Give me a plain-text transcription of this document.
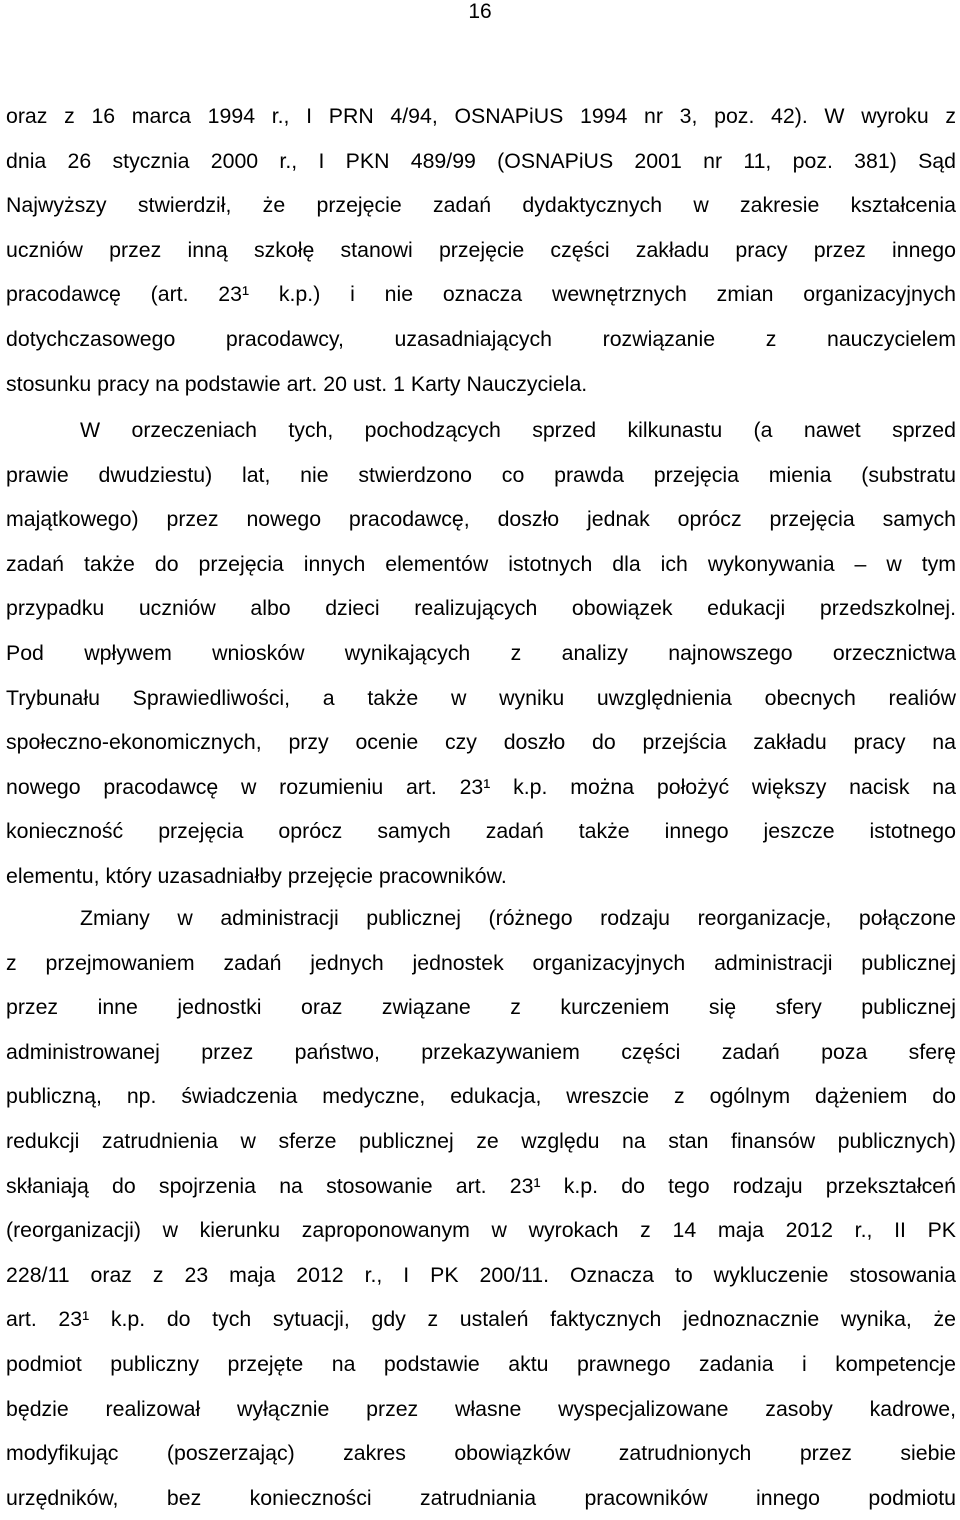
16
oraz z 16 marca 1994 r., I PRN 4/94, OSNAPiUS 1994 nr 3, poz. 42). W wyroku z
dnia 26 stycznia 2000 r., I PKN 489/99 (OSNAPiUS 2001 nr 11, poz. 381) Sąd
Najwyższy stwierdził, że przejęcie zadań dydaktycznych w zakresie kształcenia
uczniów przez inną szkołę stanowi przejęcie części zakładu pracy przez innego
pracodawcę (art. 23¹ k.p.) i nie oznacza wewnętrznych zmian organizacyjnych
dotychczasowego pracodawcy, uzasadniających rozwiązanie z nauczycielem
stosunku pracy na podstawie art. 20 ust. 1 Karty Nauczyciela.
W orzeczeniach tych, pochodzących sprzed kilkunastu (a nawet sprzed
prawie dwudziestu) lat, nie stwierdzono co prawda przejęcia mienia (substratu
majątkowego) przez nowego pracodawcę, doszło jednak oprócz przejęcia samych
zadań także do przejęcia innych elementów istotnych dla ich wykonywania – w tym
przypadku uczniów albo dzieci realizujących obowiązek edukacji przedszkolnej.
Pod wpływem wniosków wynikających z analizy najnowszego orzecznictwa
Trybunału Sprawiedliwości, a także w wyniku uwzględnienia obecnych realiów
społeczno-ekonomicznych, przy ocenie czy doszło do przejścia zakładu pracy na
nowego pracodawcę w rozumieniu art. 23¹ k.p. można położyć większy nacisk na
konieczność przejęcia oprócz samych zadań także innego jeszcze istotnego
elementu, który uzasadniałby przejęcie pracowników.
Zmiany w administracji publicznej (różnego rodzaju reorganizacje, połączone
z przejmowaniem zadań jednych jednostek organizacyjnych administracji publicznej
przez inne jednostki oraz związane z kurczeniem się sfery publicznej
administrowanej przez państwo, przekazywaniem części zadań poza sferę
publiczną, np. świadczenia medyczne, edukacja, wreszcie z ogólnym dążeniem do
redukcji zatrudnienia w sferze publicznej ze względu na stan finansów publicznych)
skłaniają do spojrzenia na stosowanie art. 23¹ k.p. do tego rodzaju przekształceń
(reorganizacji) w kierunku zaproponowanym w wyrokach z 14 maja 2012 r., II PK
228/11 oraz z 23 maja 2012 r., I PK 200/11. Oznacza to wykluczenie stosowania
art. 23¹ k.p. do tych sytuacji, gdy z ustaleń faktycznych jednoznacznie wynika, że
podmiot publiczny przejęte na podstawie aktu prawnego zadania i kompetencje
będzie realizował wyłącznie przez własne wyspecjalizowane zasoby kadrowe,
modyfikując (poszerzając) zakres obowiązków zatrudnionych przez siebie
urzędników, bez konieczności zatrudniania pracowników innego podmiotu
